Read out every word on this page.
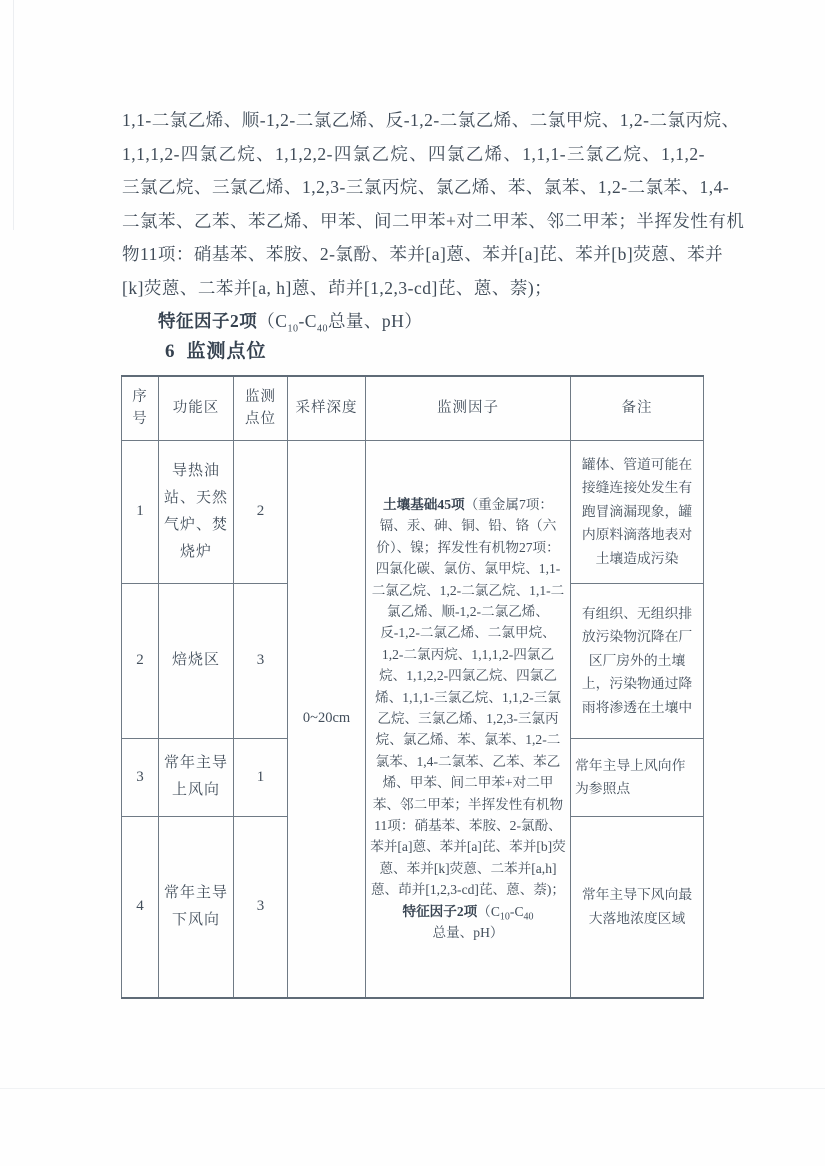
1,1-二氯乙烯、顺-1,2-二氯乙烯、反-1,2-二氯乙烯、二氯甲烷、1,2-二氯丙烷、
1,1,1,2-四氯乙烷、1,1,2,2-四氯乙烷、四氯乙烯、1,1,1-三氯乙烷、1,1,2-
三氯乙烷、三氯乙烯、1,2,3-三氯丙烷、氯乙烯、苯、氯苯、1,2-二氯苯、1,4-
二氯苯、乙苯、苯乙烯、甲苯、间二甲苯+对二甲苯、邻二甲苯；半挥发性有机
物11项：硝基苯、苯胺、2-氯酚、苯并[a]蒽、苯并[a]芘、苯并[b]荧蒽、苯并
[k]荧蒽、二苯并[a, h]蒽、茚并[1,2,3-cd]芘、蒽、萘)；
特征因子2项（$C_{10}-C_{40}$总量、pH）
6 监测点位
序号	功能区	监测点位	采样深度	监测因子	备注
1	导热油站、天然气炉、焚烧炉	2	0~20cm	土壤基础45项（重金属7项：镉、汞、砷、铜、铅、铬（六价）、镍；挥发性有机物27项：四氯化碳、氯仿、氯甲烷、1,1-二氯乙烷、1,2-二氯乙烷、1,1-二氯乙烯、顺-1,2-二氯乙烯、反-1,2-二氯乙烯、二氯甲烷、1,2-二氯丙烷、1,1,1,2-四氯乙烷、1,1,2,2-四氯乙烷、四氯乙烯、1,1,1-三氯乙烷、1,1,2-三氯乙烷、三氯乙烯、1,2,3-三氯丙烷、氯乙烯、苯、氯苯、1,2-二氯苯、1,4-二氯苯、乙苯、苯乙烯、甲苯、间二甲苯+对二甲苯、邻二甲苯；半挥发性有机物11项：硝基苯、苯胺、2-氯酚、苯并[a]蒽、苯并[a]芘、苯并[b]荧蒽、苯并[k]荧蒽、二苯并[a,h]蒽、茚并[1,2,3-cd]芘、蒽、萘)；特征因子2项（$C_{10}-C_{40}$总量、pH）	罐体、管道可能在接缝连接处发生有跑冒滴漏现象，罐内原料滴落地表对土壤造成污染
2	焙烧区	3			有组织、无组织排放污染物沉降在厂区厂房外的土壤上，污染物通过降雨将渗透在土壤中
3	常年主导上风向	1			常年主导上风向作为参照点
4	常年主导下风向	3			常年主导下风向最大落地浓度区域
